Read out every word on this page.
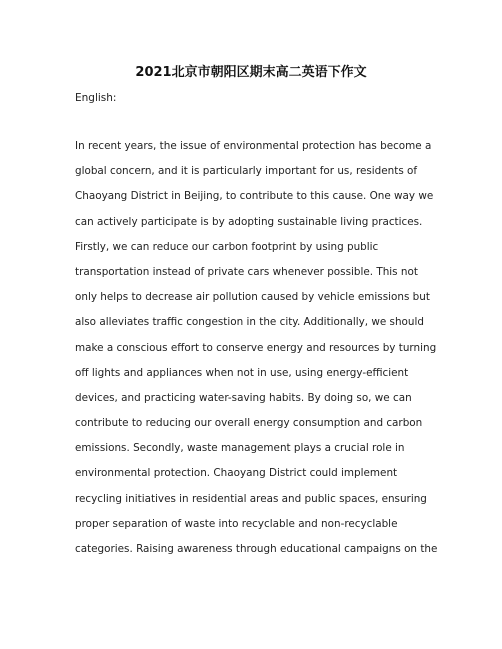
2021北京市朝阳区期末高二英语下作文

English:

In recent years, the issue of environmental protection has become a
global concern, and it is particularly important for us, residents of
Chaoyang District in Beijing, to contribute to this cause. One way we
can actively participate is by adopting sustainable living practices.
Firstly, we can reduce our carbon footprint by using public
transportation instead of private cars whenever possible. This not
only helps to decrease air pollution caused by vehicle emissions but
also alleviates traffic congestion in the city. Additionally, we should
make a conscious effort to conserve energy and resources by turning
off lights and appliances when not in use, using energy-efficient
devices, and practicing water-saving habits. By doing so, we can
contribute to reducing our overall energy consumption and carbon
emissions. Secondly, waste management plays a crucial role in
environmental protection. Chaoyang District could implement
recycling initiatives in residential areas and public spaces, ensuring
proper separation of waste into recyclable and non-recyclable
categories. Raising awareness through educational campaigns on the
